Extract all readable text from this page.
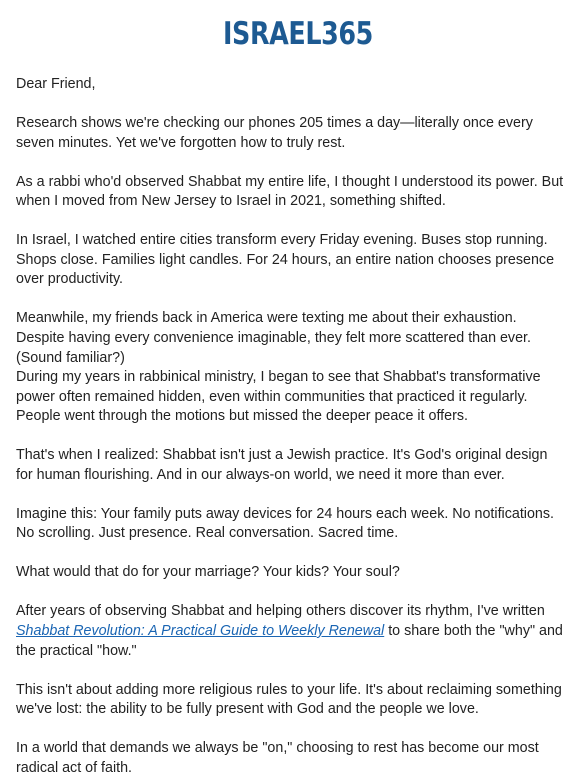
ISRAEL365

Dear Friend,

Research shows we're checking our phones 205 times a day—literally once every seven minutes. Yet we've forgotten how to truly rest.

As a rabbi who'd observed Shabbat my entire life, I thought I understood its power. But when I moved from New Jersey to Israel in 2021, something shifted.

In Israel, I watched entire cities transform every Friday evening. Buses stop running. Shops close. Families light candles. For 24 hours, an entire nation chooses presence over productivity.

Meanwhile, my friends back in America were texting me about their exhaustion. Despite having every convenience imaginable, they felt more scattered than ever. (Sound familiar?)

During my years in rabbinical ministry, I began to see that Shabbat's transformative power often remained hidden, even within communities that practiced it regularly. People went through the motions but missed the deeper peace it offers.

That's when I realized: Shabbat isn't just a Jewish practice. It's God's original design for human flourishing. And in our always-on world, we need it more than ever.

Imagine this: Your family puts away devices for 24 hours each week. No notifications. No scrolling. Just presence. Real conversation. Sacred time.

What would that do for your marriage? Your kids? Your soul?

After years of observing Shabbat and helping others discover its rhythm, I've written Shabbat Revolution: A Practical Guide to Weekly Renewal to share both the "why" and the practical "how."

This isn't about adding more religious rules to your life. It's about reclaiming something we've lost: the ability to be fully present with God and the people we love.

In a world that demands we always be "on," choosing to rest has become our most radical act of faith.
